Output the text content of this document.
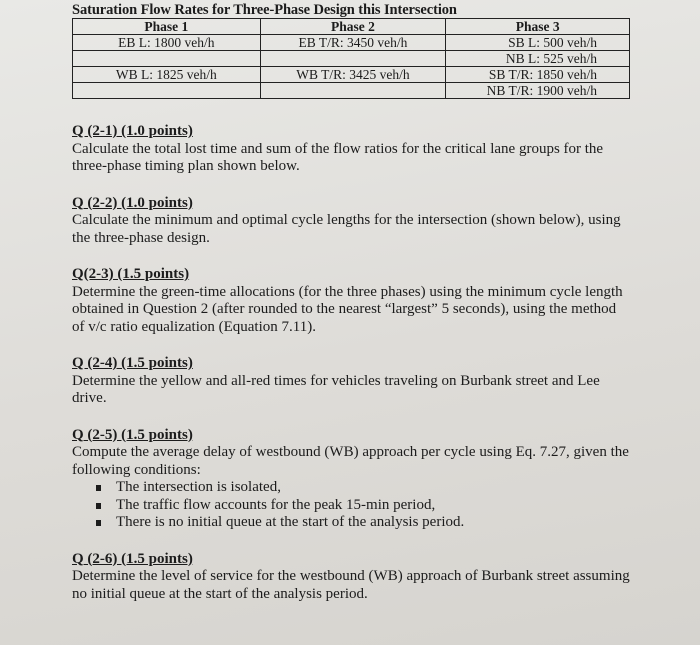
Saturation Flow Rates for Three-Phase Design this Intersection
Phase 1	Phase 2	Phase 3
EB L: 1800 veh/h	EB T/R: 3450 veh/h	SB L: 500 veh/h
		NB L: 525 veh/h
WB L: 1825 veh/h	WB T/R: 3425 veh/h	SB T/R: 1850 veh/h
		NB T/R: 1900 veh/h
Q (2-1) (1.0 points)
Calculate the total lost time and sum of the flow ratios for the critical lane groups for the three-phase timing plan shown below.
Q (2-2) (1.0 points)
Calculate the minimum and optimal cycle lengths for the intersection (shown below), using the three-phase design.
Q(2-3) (1.5 points)
Determine the green-time allocations (for the three phases) using the minimum cycle length obtained in Question 2 (after rounded to the nearest “largest” 5 seconds), using the method of v/c ratio equalization (Equation 7.11).
Q (2-4) (1.5 points)
Determine the yellow and all-red times for vehicles traveling on Burbank street and Lee drive.
Q (2-5) (1.5 points)
Compute the average delay of westbound (WB) approach per cycle using Eq. 7.27, given the following conditions:
The intersection is isolated,
The traffic flow accounts for the peak 15-min period,
There is no initial queue at the start of the analysis period.
Q (2-6) (1.5 points)
Determine the level of service for the westbound (WB) approach of Burbank street assuming no initial queue at the start of the analysis period.
